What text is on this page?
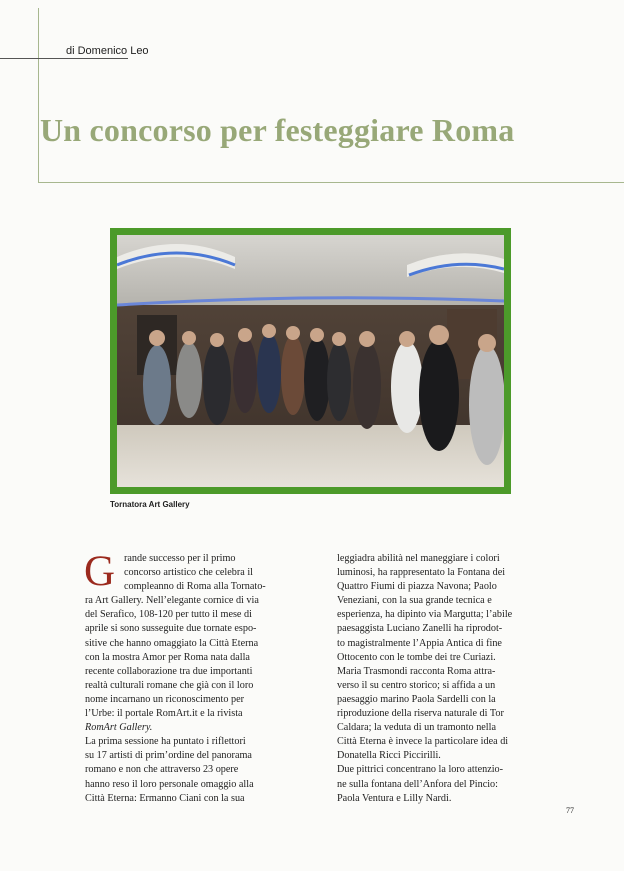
di Domenico Leo
Un concorso per festeggiare Roma
Tornatora Art Gallery
G rande successo per il primo
concorso artistico che celebra il
compleanno di Roma alla Tornato-
ra Art Gallery. Nell’elegante cornice di via
del Serafico, 108-120 per tutto il mese di
aprile si sono susseguite due tornate espo-
sitive che hanno omaggiato la Città Eterna
con la mostra Amor per Roma nata dalla
recente collaborazione tra due importanti
realtà culturali romane che già con il loro
nome incarnano un riconoscimento per
l’Urbe: il portale RomArt.it e la rivista
RomArt Gallery.
La prima sessione ha puntato i riflettori
su 17 artisti di prim’ordine del panorama
romano e non che attraverso 23 opere
hanno reso il loro personale omaggio alla
Città Eterna: Ermanno Ciani con la sua
leggiadra abilità nel maneggiare i colori
luminosi, ha rappresentato la Fontana dei
Quattro Fiumi di piazza Navona; Paolo
Veneziani, con la sua grande tecnica e
esperienza, ha dipinto via Margutta; l’abile
paesaggista Luciano Zanelli ha riprodot-
to magistralmente l’Appia Antica di fine
Ottocento con le tombe dei tre Curiazi.
Maria Trasmondi racconta Roma attra-
verso il su centro storico; si affida a un
paesaggio marino Paola Sardelli con la
riproduzione della riserva naturale di Tor
Caldara; la veduta di un tramonto nella
Città Eterna è invece la particolare idea di
Donatella Ricci Piccirilli.
Due pittrici concentrano la loro attenzio-
ne sulla fontana dell’Anfora del Pincio:
Paola Ventura e Lilly Nardi.
77
